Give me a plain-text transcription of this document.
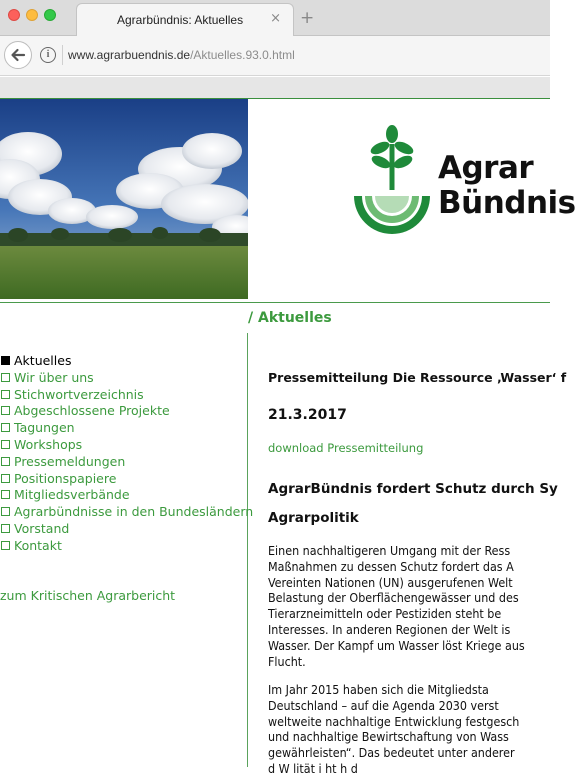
Agrarbündnis: Aktuelles × +
i	www.agrarbuendnis.de/Aktuelles.93.0.html
Agrar
Bündnis
/ Aktuelles
Aktuelles
Wir über uns
Stichwortverzeichnis
Abgeschlossene Projekte
Tagungen
Workshops
Pressemeldungen
Positionspapiere
Mitgliedsverbände
Agrarbündnisse in den Bundesländern
Vorstand
Kontakt
zum Kritischen Agrarbericht
Pressemitteilung Die Ressource ‚Wasser‘ f
21.3.2017
download Pressemitteilung
AgrarBündnis fordert Schutz durch Sy
Agrarpolitik
Einen nachhaltigeren Umgang mit der Ress
Maßnahmen zu dessen Schutz fordert das A
Vereinten Nationen (UN) ausgerufenen Welt
Belastung der Oberflächengewässer und des
Tierarzneimitteln oder Pestiziden steht be
Interesses. In anderen Regionen der Welt is
Wasser. Der Kampf um Wasser löst Kriege aus
Flucht.
Im Jahr 2015 haben sich die Mitgliedsta
Deutschland – auf die Agenda 2030 verst
weltweite nachhaltige Entwicklung festgesch
und nachhaltige Bewirtschaftung von Wass
gewährleisten“. Das bedeutet unter anderer
d W lität i ht h d
